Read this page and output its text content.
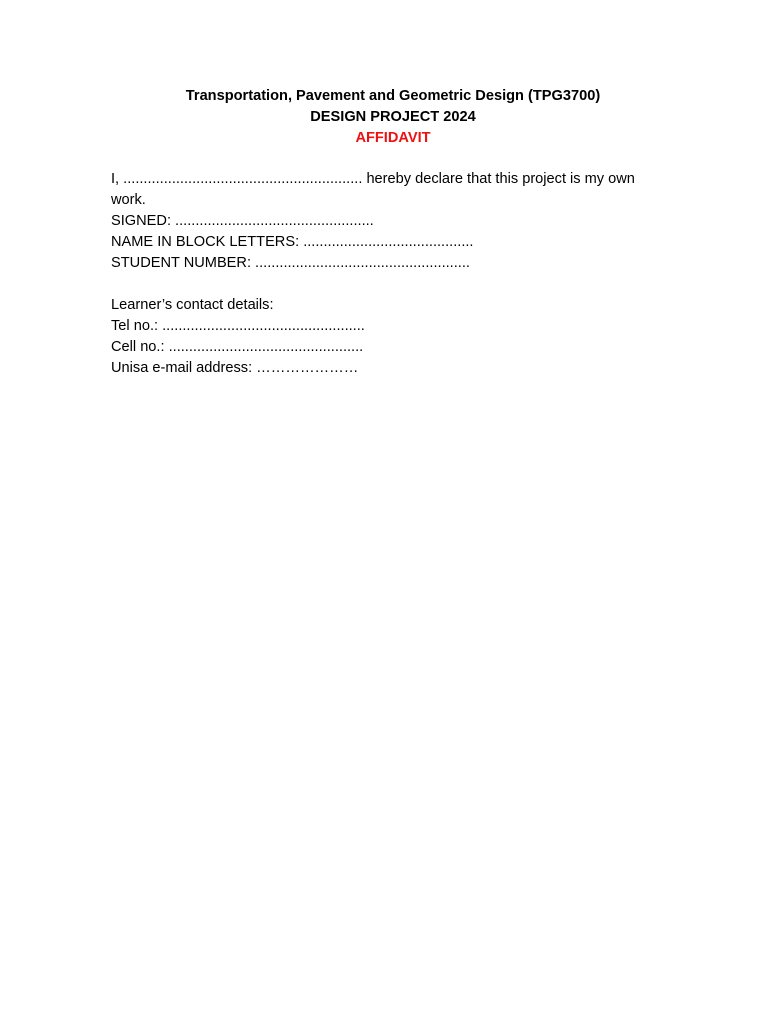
Transportation, Pavement and Geometric Design (TPG3700)
DESIGN PROJECT 2024
AFFIDAVIT
I, ........................................................... hereby declare that this project is my own
work.
SIGNED: .................................................
NAME IN BLOCK LETTERS: ..........................................
STUDENT NUMBER: .....................................................
Learner’s contact details:
Tel no.: ..................................................
Cell no.: ................................................
Unisa e-mail address: …………………
